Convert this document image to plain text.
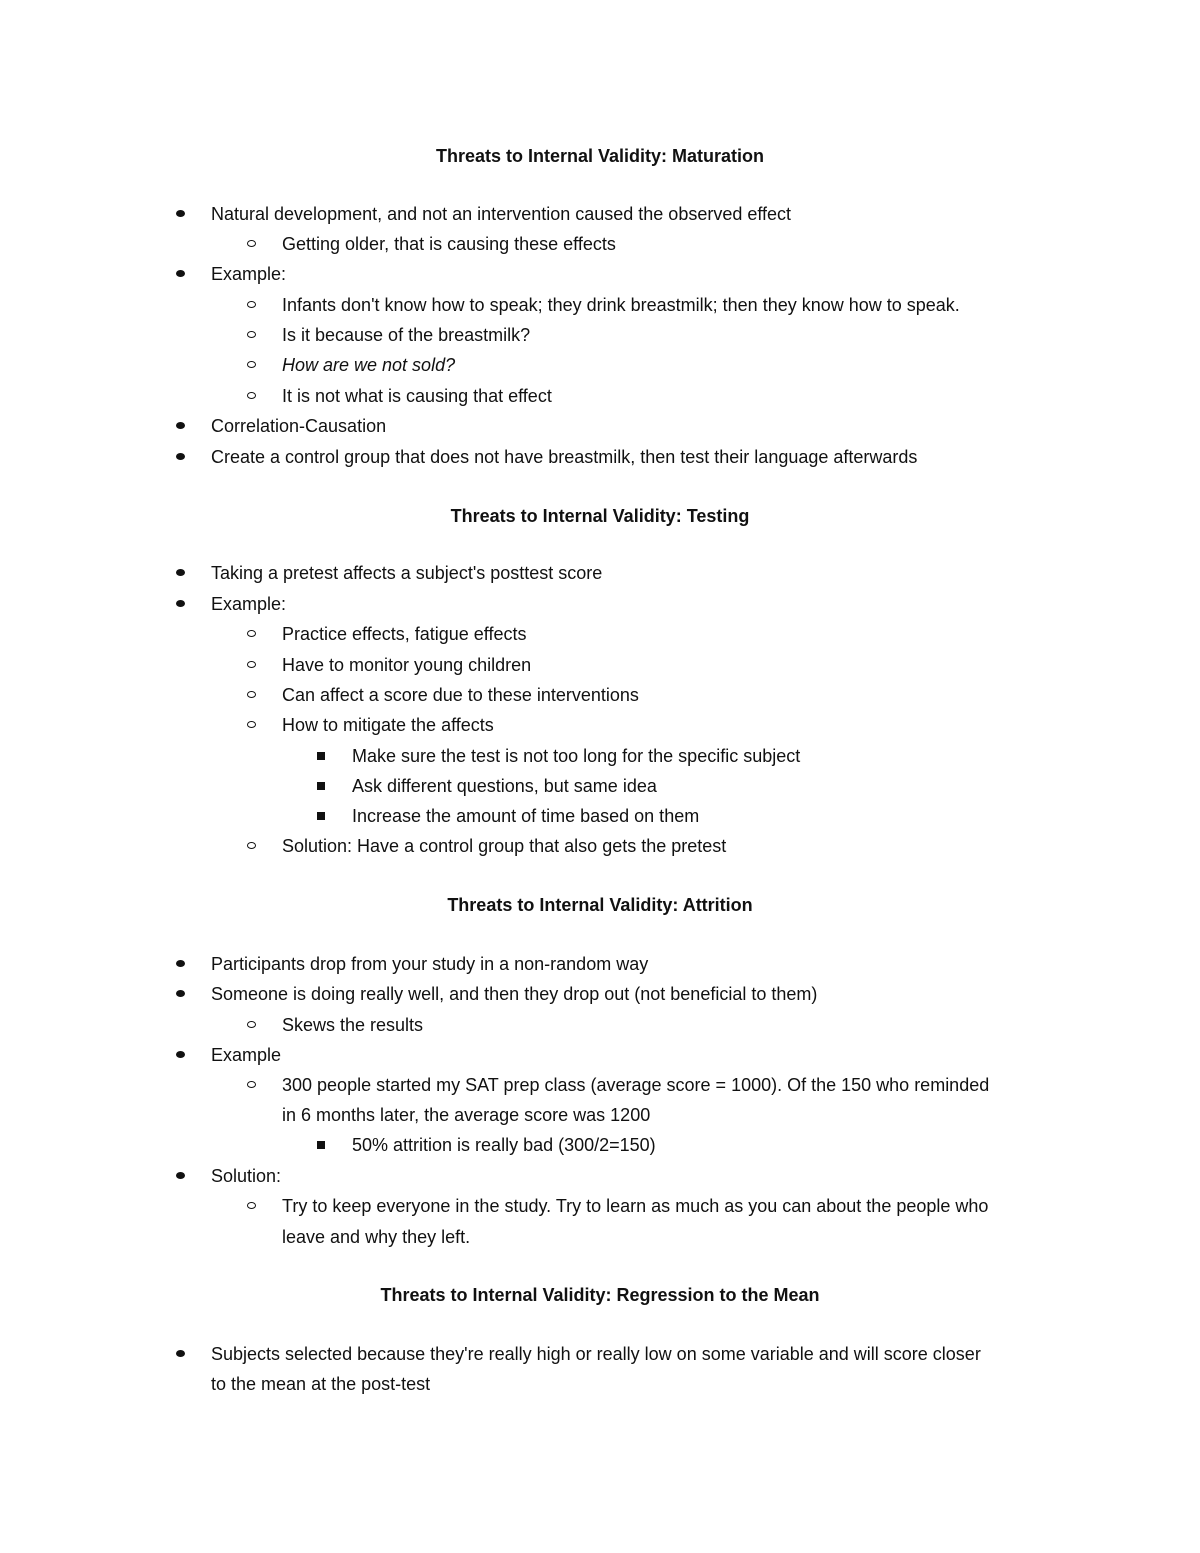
Threats to Internal Validity: Maturation
Natural development, and not an intervention caused the observed effect
Getting older, that is causing these effects
Example:
Infants don't know how to speak; they drink breastmilk; then they know how to speak.
Is it because of the breastmilk?
How are we not sold?
It is not what is causing that effect
Correlation-Causation
Create a control group that does not have breastmilk, then test their language afterwards
Threats to Internal Validity: Testing
Taking a pretest affects a subject's posttest score
Example:
Practice effects, fatigue effects
Have to monitor young children
Can affect a score due to these interventions
How to mitigate the affects
Make sure the test is not too long for the specific subject
Ask different questions, but same idea
Increase the amount of time based on them
Solution: Have a control group that also gets the pretest
Threats to Internal Validity: Attrition
Participants drop from your study in a non-random way
Someone is doing really well, and then they drop out (not beneficial to them)
Skews the results
Example
300 people started my SAT prep class (average score = 1000). Of the 150 who reminded
in 6 months later, the average score was 1200
50% attrition is really bad (300/2=150)
Solution:
Try to keep everyone in the study. Try to learn as much as you can about the people who
leave and why they left.
Threats to Internal Validity: Regression to the Mean
Subjects selected because they're really high or really low on some variable and will score closer
to the mean at the post-test
